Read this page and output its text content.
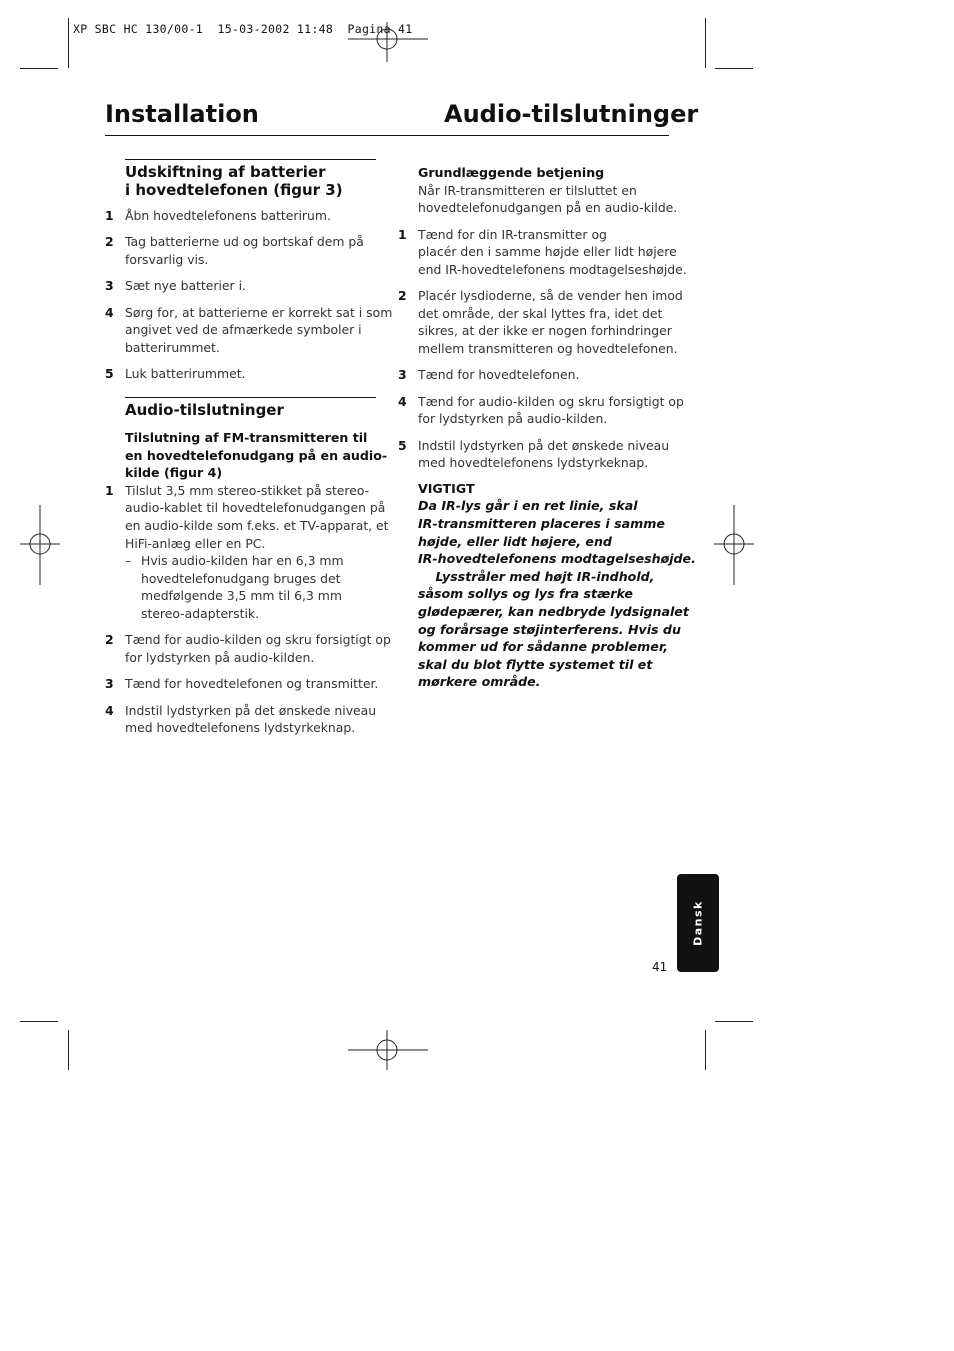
XP SBC HC 130/00-1  15-03-2002 11:48  Pagina 41
Installation	Audio-tilslutninger
Udskiftning af batterier
i hovedtelefonen (figur 3)
1 Åbn hovedtelefonens batterirum.
2 Tag batterierne ud og bortskaf dem på
forsvarlig vis.
3 Sæt nye batterier i.
4 Sørg for, at batterierne er korrekt sat i som
angivet ved de afmærkede symboler i
batterirummet.
5 Luk batterirummet.
Audio-tilslutninger
Tilslutning af FM-transmitteren til
en hovedtelefonudgang på en audio-
kilde (figur 4)
1 Tilslut 3,5 mm stereo-stikket på stereo-
audio-kablet til hovedtelefonudgangen på
en audio-kilde som f.eks. et TV-apparat, et
HiFi-anlæg eller en PC.
– Hvis audio-kilden har en 6,3 mm
hovedtelefonudgang bruges det
medfølgende 3,5 mm til 6,3 mm
stereo-adapterstik.
2 Tænd for audio-kilden og skru forsigtigt op
for lydstyrken på audio-kilden.
3 Tænd for hovedtelefonen og transmitter.
4 Indstil lydstyrken på det ønskede niveau
med hovedtelefonens lydstyrkeknap.
Grundlæggende betjening
Når IR-transmitteren er tilsluttet en
hovedtelefonudgangen på en audio-kilde.
1 Tænd for din IR-transmitter og
placér den i samme højde eller lidt højere
end IR-hovedtelefonens modtagelseshøjde.
2 Placér lysdioderne, så de vender hen imod
det område, der skal lyttes fra, idet det
sikres, at der ikke er nogen forhindringer
mellem transmitteren og hovedtelefonen.
3 Tænd for hovedtelefonen.
4 Tænd for audio-kilden og skru forsigtigt op
for lydstyrken på audio-kilden.
5 Indstil lydstyrken på det ønskede niveau
med hovedtelefonens lydstyrkeknap.
VIGTIGT
Da IR-lys går i en ret linie, skal
IR-transmitteren placeres i samme
højde, eller lidt højere, end
IR-hovedtelefonens modtagelseshøjde.
Lysstråler med højt IR-indhold,
såsom sollys og lys fra stærke
glødepærer, kan nedbryde lydsignalet
og forårsage støjinterferens. Hvis du
kommer ud for sådanne problemer,
skal du blot flytte systemet til et
mørkere område.
Dansk
41
